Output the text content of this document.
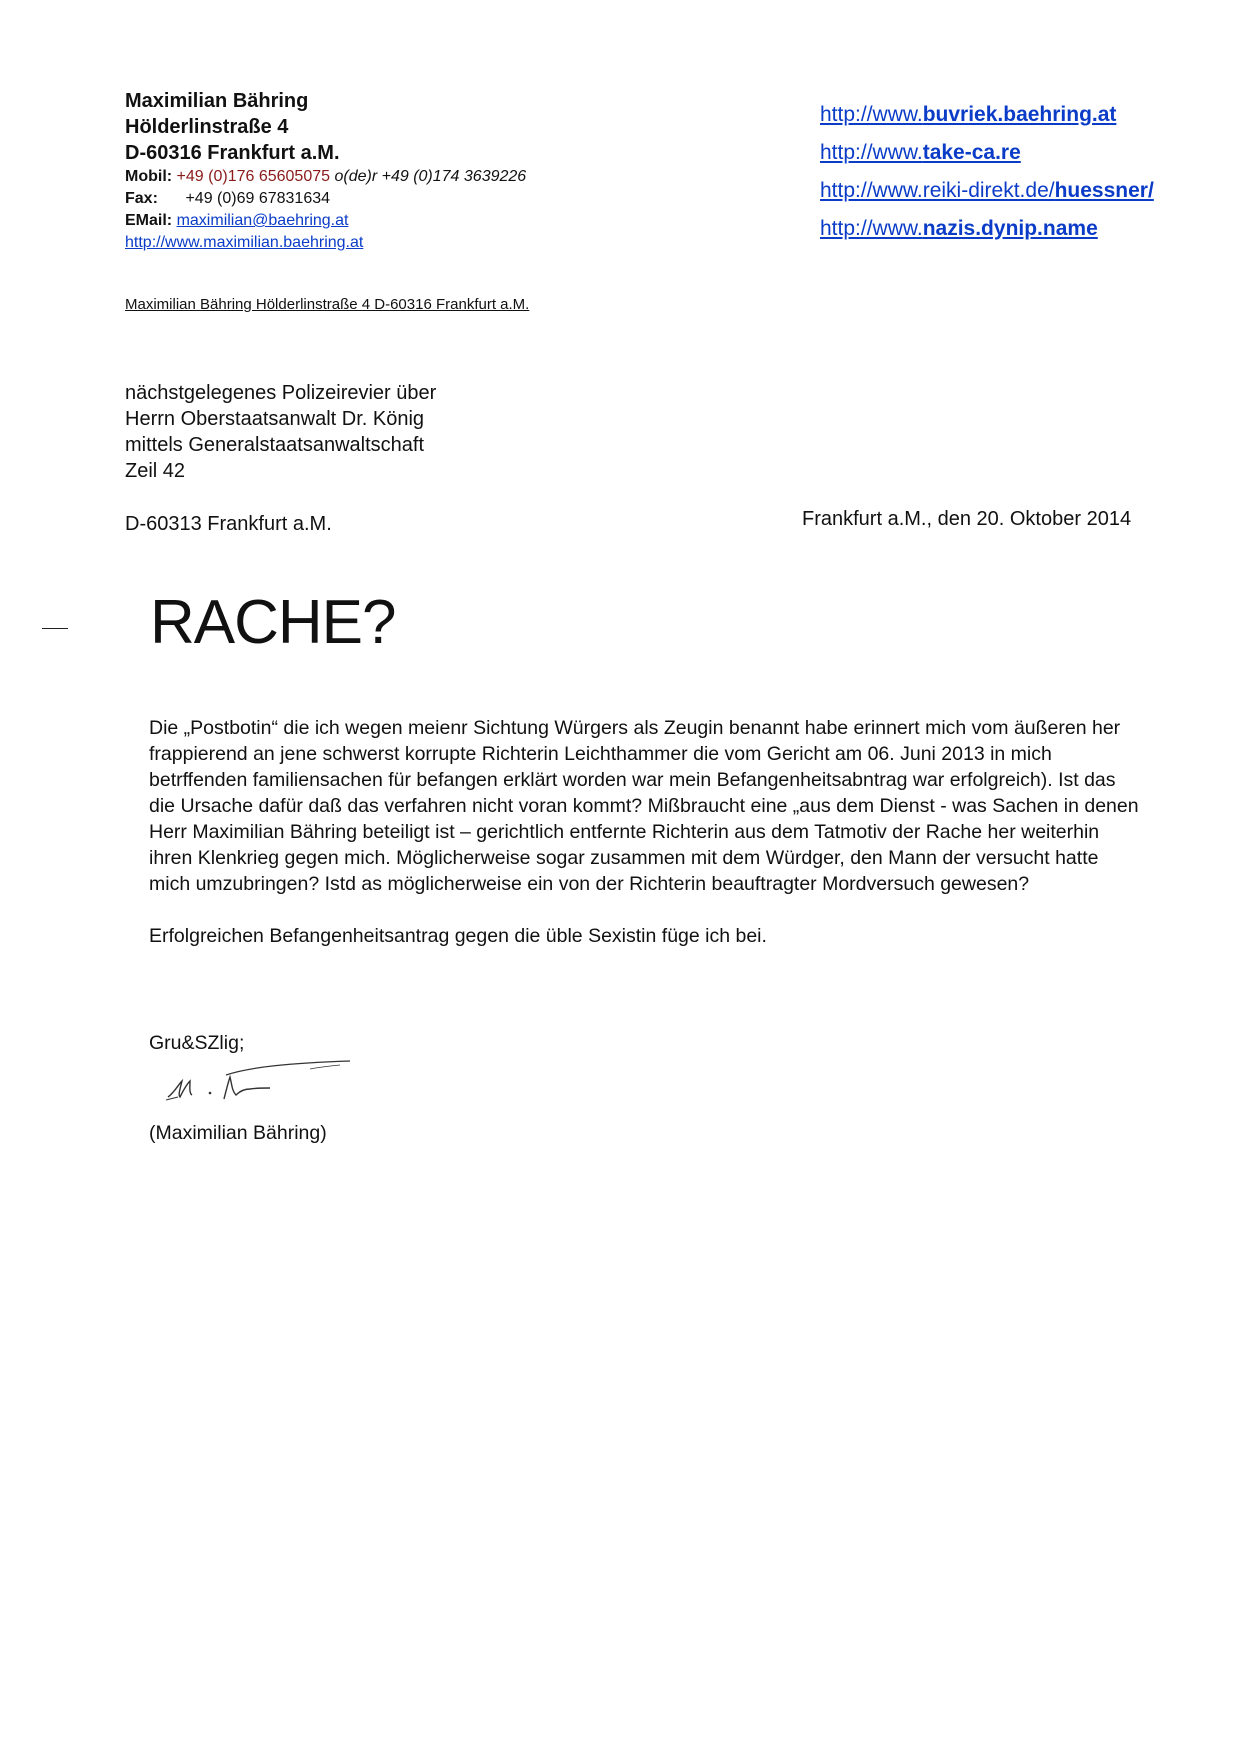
Maximilian Bähring
Hölderlinstraße 4
D-60316 Frankfurt a.M.
Mobil: +49 (0)176 65605075 o(de)r +49 (0)174 3639226
Fax: +49 (0)69 67831634
EMail: maximilian@baehring.at
http://www.maximilian.baehring.at
http://www.buvriek.baehring.at
http://www.take-ca.re
http://www.reiki-direkt.de/huessner/
http://www.nazis.dynip.name
Maximilian Bähring Hölderlinstraße 4 D-60316 Frankfurt a.M.
nächstgelegenes Polizeirevier über
Herrn Oberstaatsanwalt Dr. König
mittels Generalstaatsanwaltschaft
Zeil 42
D-60313 Frankfurt a.M.	Frankfurt a.M., den 20. Oktober 2014
RACHE?

Die „Postbotin“ die ich wegen meienr Sichtung Würgers als Zeugin benannt habe erinnert mich vom äußeren her frappierend an jene schwerst korrupte Richterin Leichthammer die vom Gericht am 06. Juni 2013 in mich betrffenden familiensachen für befangen erklärt worden war mein Befangenheitsabntrag war erfolgreich). Ist das die Ursache dafür daß das verfahren nicht voran kommt? Mißbraucht eine „aus dem Dienst - was Sachen in denen Herr Maximilian Bähring beteiligt ist – gerichtlich entfernte Richterin aus dem Tatmotiv der Rache her weiterhin ihren Klenkrieg gegen mich. Möglicherweise sogar zusammen mit dem Würdger, den Mann der versucht hatte mich umzubringen? Istd as möglicherweise ein von der Richterin beauftragter Mordversuch gewesen?

Erfolgreichen Befangenheitsantrag gegen die üble Sexistin füge ich bei.

Gru&SZlig;
(Maximilian Bähring)
